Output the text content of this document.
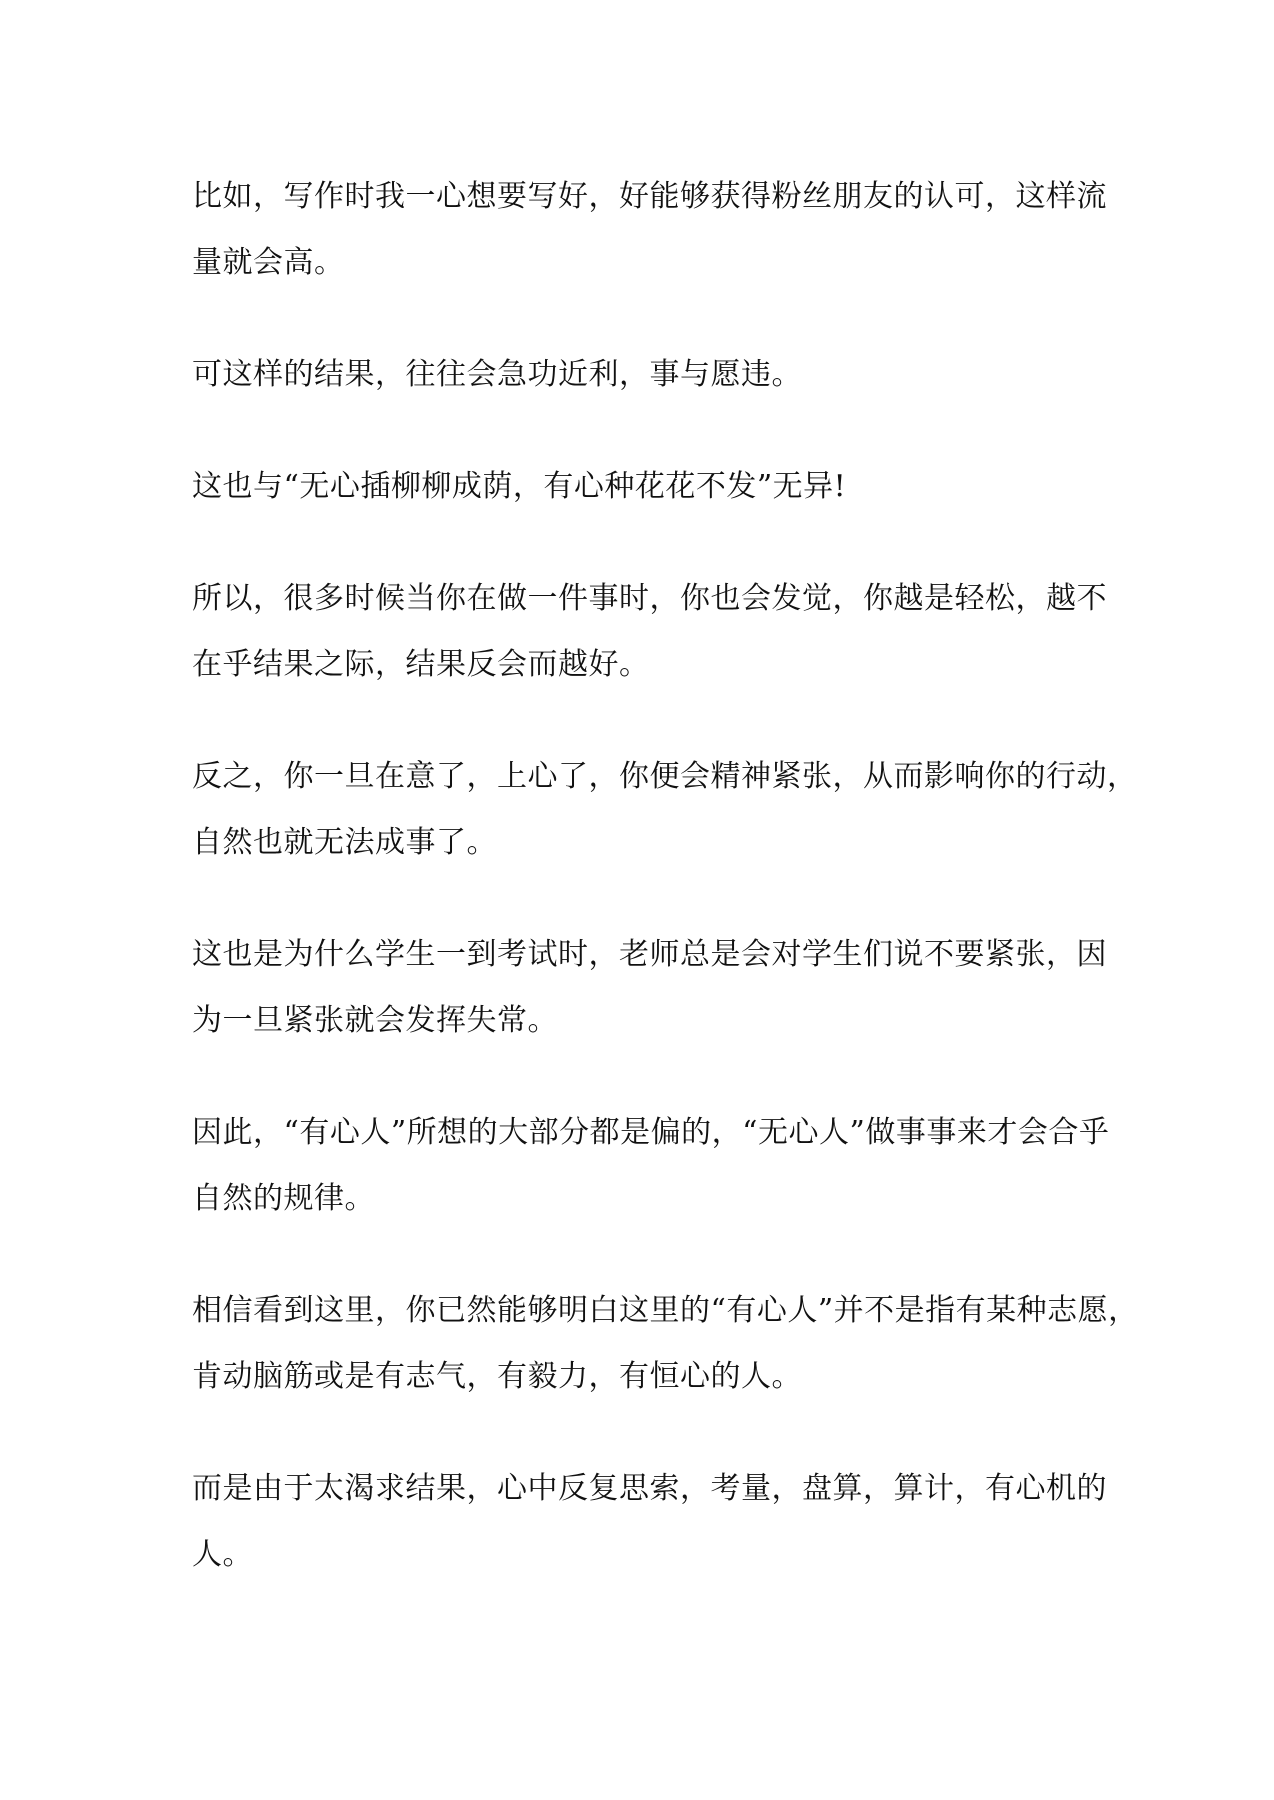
比如，写作时我一心想要写好，好能够获得粉丝朋友的认可，这样流
量就会高。

可这样的结果，往往会急功近利，事与愿违。

这也与“无心插柳柳成荫，有心种花花不发”无异!

所以，很多时候当你在做一件事时，你也会发觉，你越是轻松，越不
在乎结果之际，结果反会而越好。

反之，你一旦在意了，上心了，你便会精神紧张，从而影响你的行动，
自然也就无法成事了。

这也是为什么学生一到考试时，老师总是会对学生们说不要紧张，因
为一旦紧张就会发挥失常。

因此，“有心人”所想的大部分都是偏的，“无心人”做事事来才会合乎
自然的规律。

相信看到这里，你已然能够明白这里的“有心人”并不是指有某种志愿，
肯动脑筋或是有志气，有毅力，有恒心的人。

而是由于太渴求结果，心中反复思索，考量，盘算，算计，有心机的
人。
